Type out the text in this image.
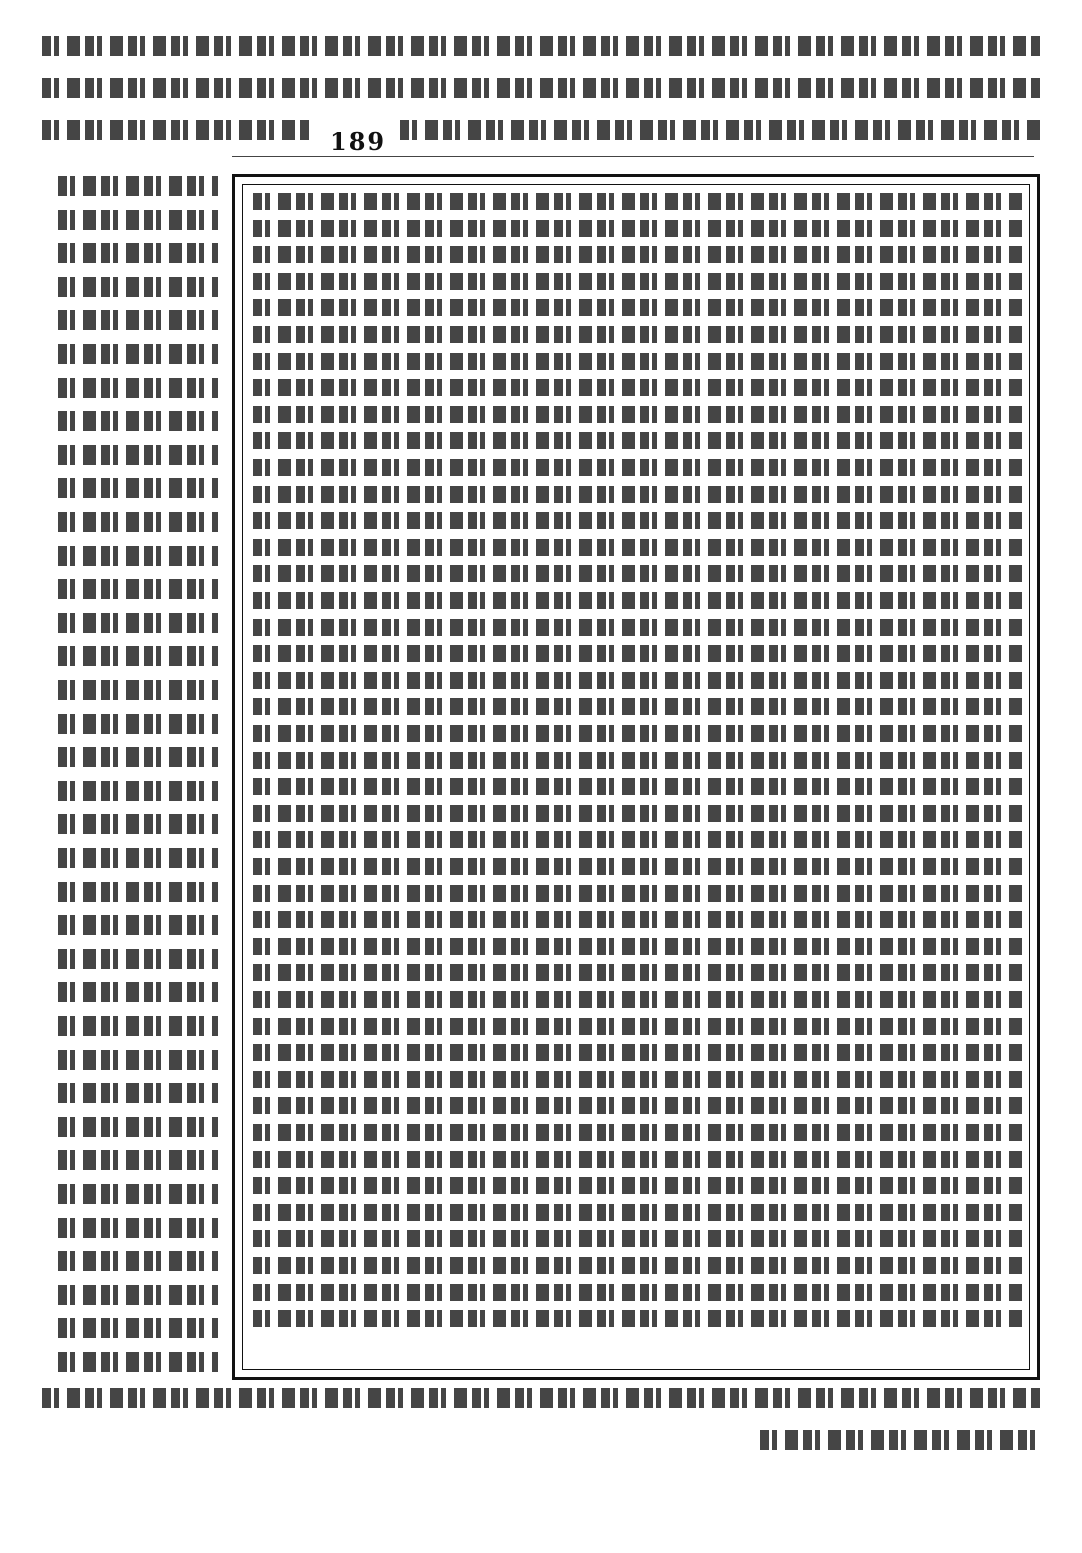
189
